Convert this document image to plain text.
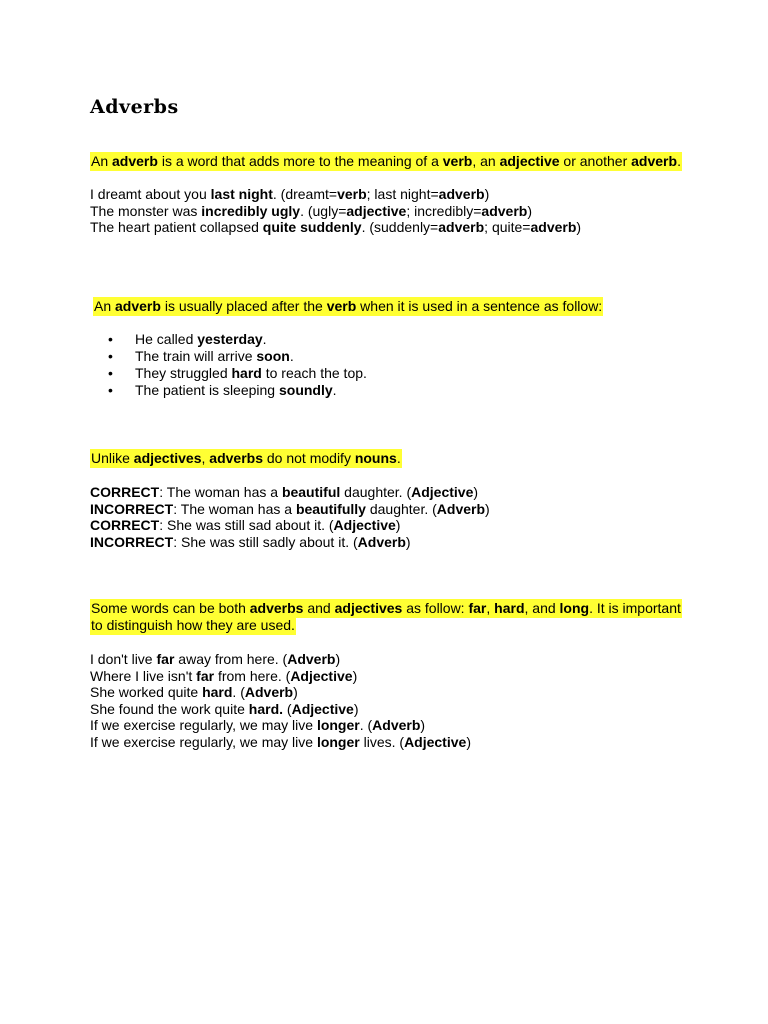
Adverbs
An adverb is a word that adds more to the meaning of a verb, an adjective or another adverb.
I dreamt about you last night. (dreamt=verb; last night=adverb)
The monster was incredibly ugly. (ugly=adjective; incredibly=adverb)
The heart patient collapsed quite suddenly. (suddenly=adverb; quite=adverb)
An adverb is usually placed after the verb when it is used in a sentence as follow:
• He called yesterday.
• The train will arrive soon.
• They struggled hard to reach the top.
• The patient is sleeping soundly.
Unlike adjectives, adverbs do not modify nouns.
CORRECT: The woman has a beautiful daughter. (Adjective)
INCORRECT: The woman has a beautifully daughter. (Adverb)
CORRECT: She was still sad about it. (Adjective)
INCORRECT: She was still sadly about it. (Adverb)
Some words can be both adverbs and adjectives as follow: far, hard, and long. It is important
to distinguish how they are used.
I don't live far away from here. (Adverb)
Where I live isn't far from here. (Adjective)
She worked quite hard. (Adverb)
She found the work quite hard. (Adjective)
If we exercise regularly, we may live longer. (Adverb)
If we exercise regularly, we may live longer lives. (Adjective)
